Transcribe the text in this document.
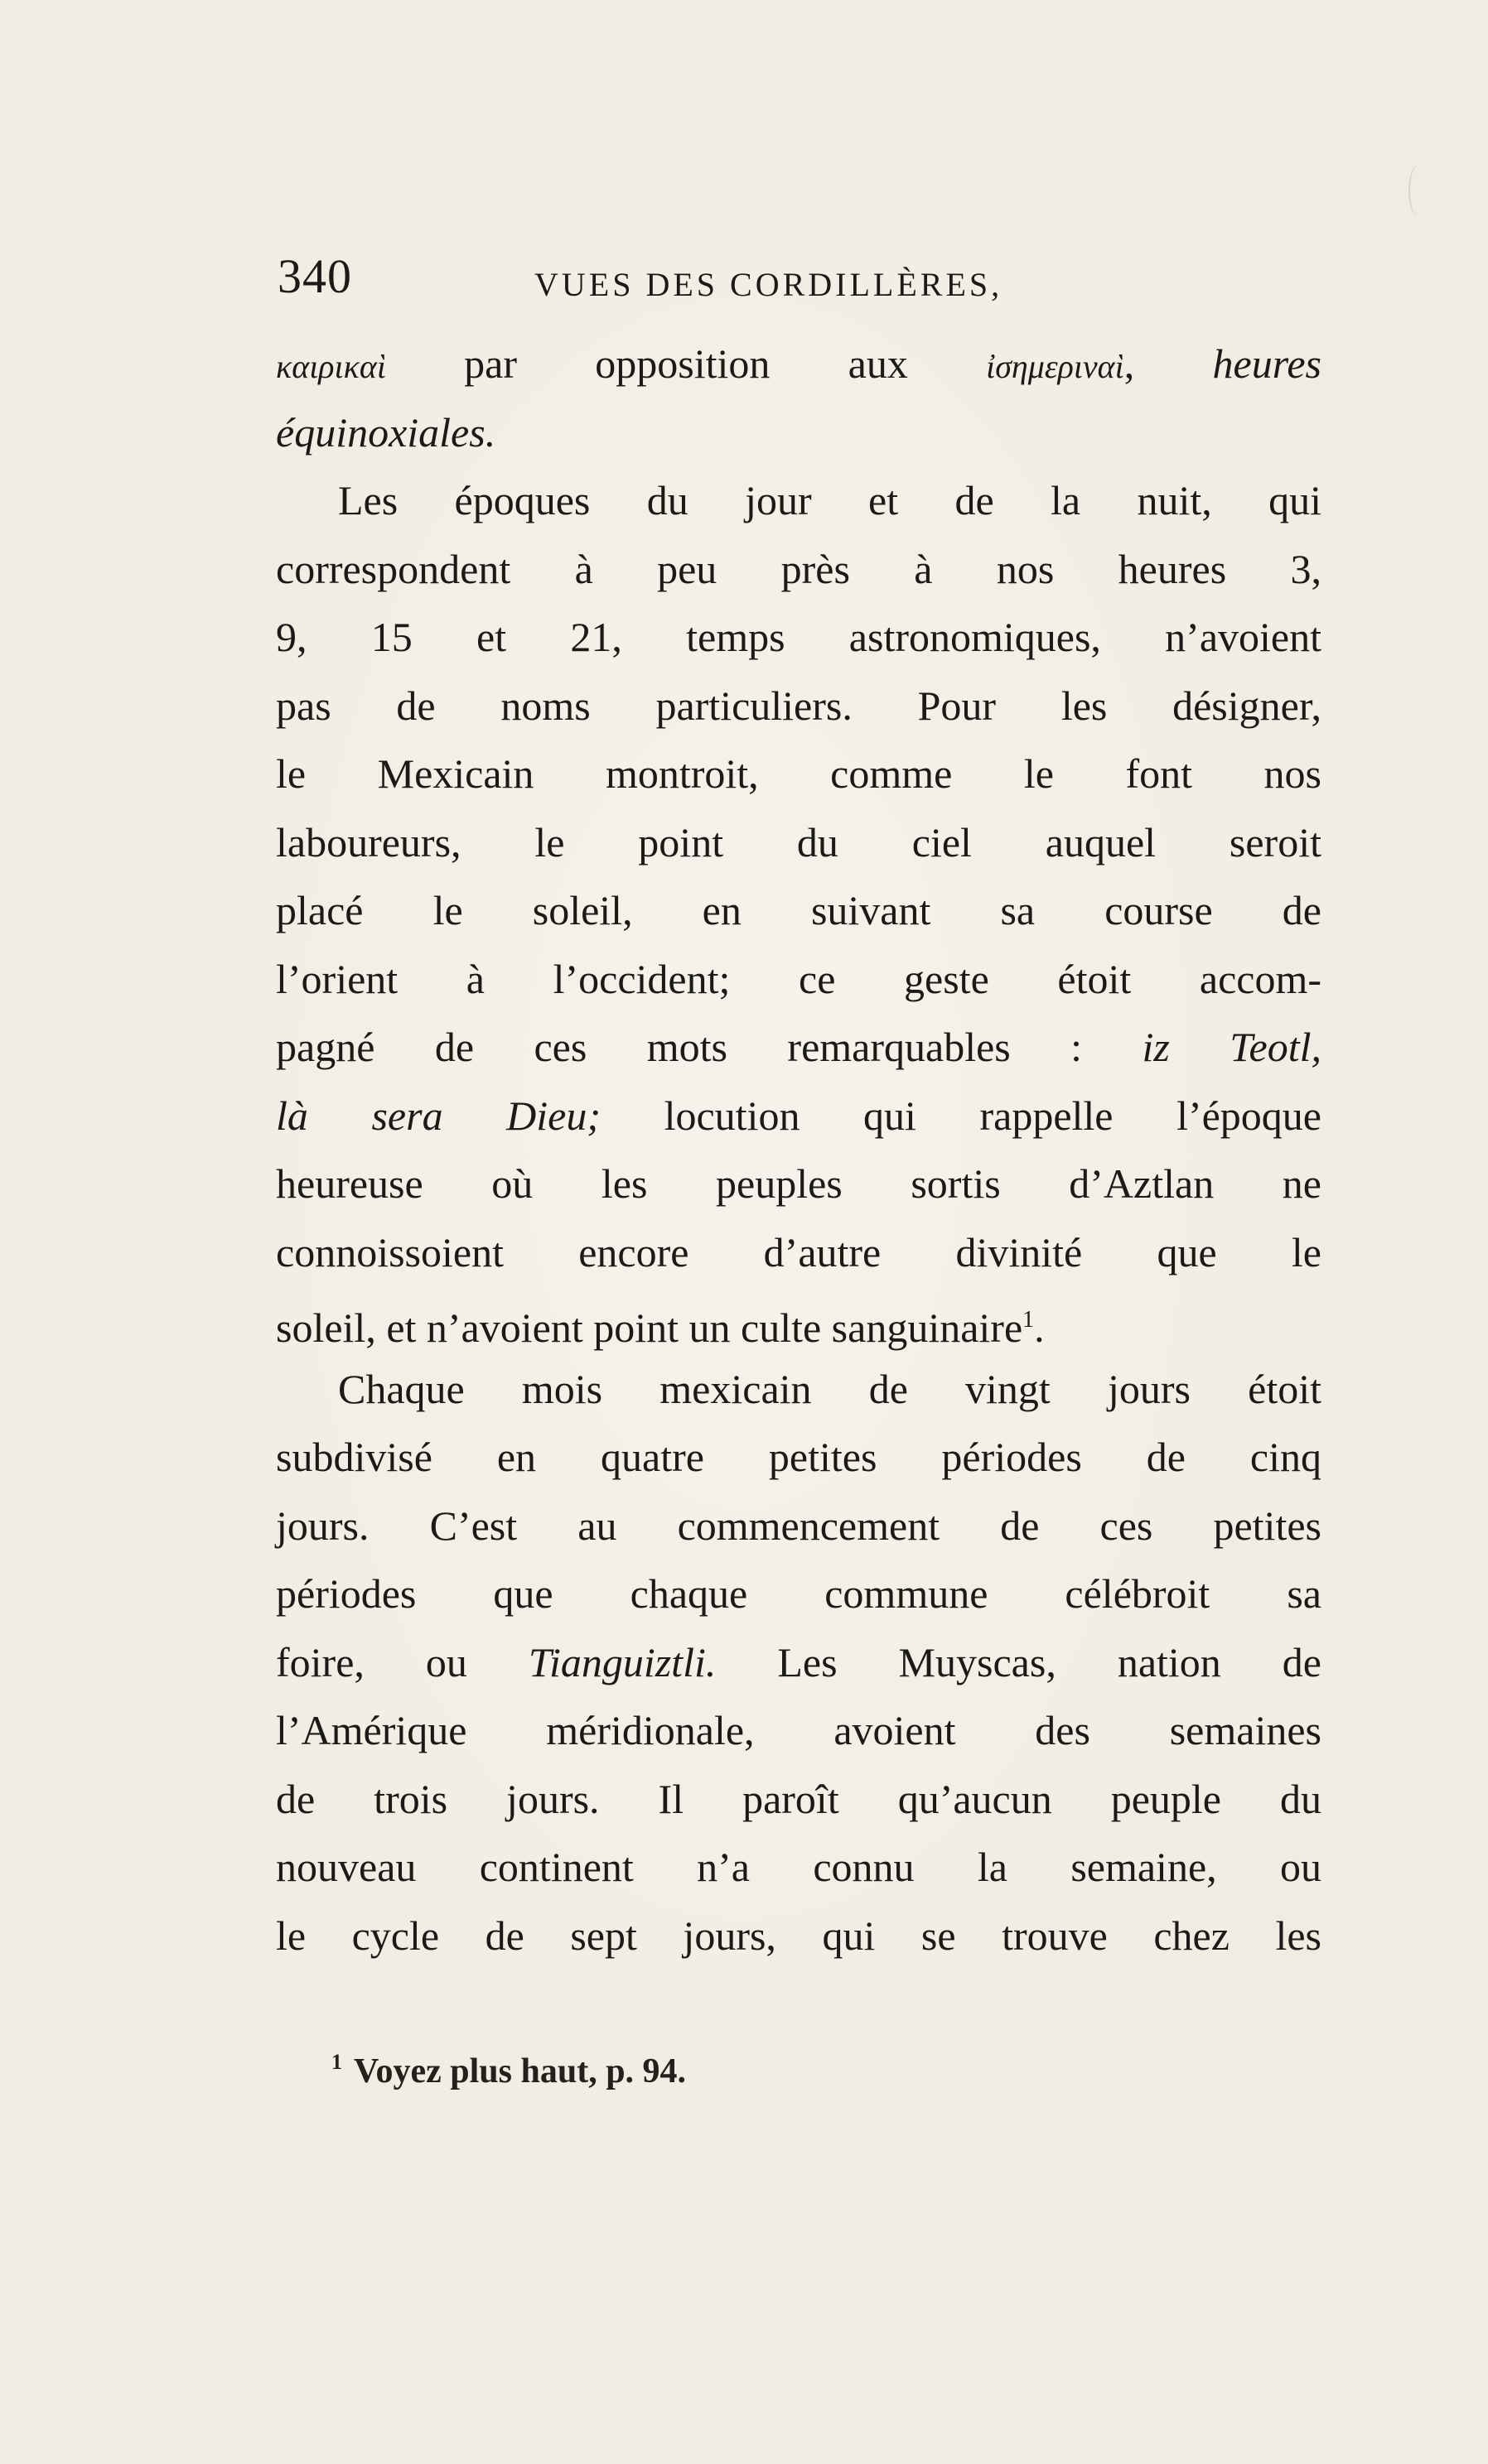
340	VUES DES CORDILLÈRES,
καιρικαὶ par opposition aux ἰσημεριναὶ, heures
équinoxiales.
Les époques du jour et de la nuit, qui
correspondent à peu près à nos heures 3,
9, 15 et 21, temps astronomiques, n’avoient
pas de noms particuliers. Pour les désigner,
le Mexicain montroit, comme le font nos
laboureurs, le point du ciel auquel seroit
placé le soleil, en suivant sa course de
l’orient à l’occident; ce geste étoit accom-
pagné de ces mots remarquables : iz Teotl,
là sera Dieu; locution qui rappelle l’époque
heureuse où les peuples sortis d’Aztlan ne
connoissoient encore d’autre divinité que le
soleil, et n’avoient point un culte sanguinaire$^1$.
Chaque mois mexicain de vingt jours étoit
subdivisé en quatre petites périodes de cinq
jours. C’est au commencement de ces petites
périodes que chaque commune célébroit sa
foire, ou Tianguiztli. Les Muyscas, nation de
l’Amérique méridionale, avoient des semaines
de trois jours. Il paroît qu’aucun peuple du
nouveau continent n’a connu la semaine, ou
le cycle de sept jours, qui se trouve chez les
$^1$ Voyez plus haut, p. 94.
